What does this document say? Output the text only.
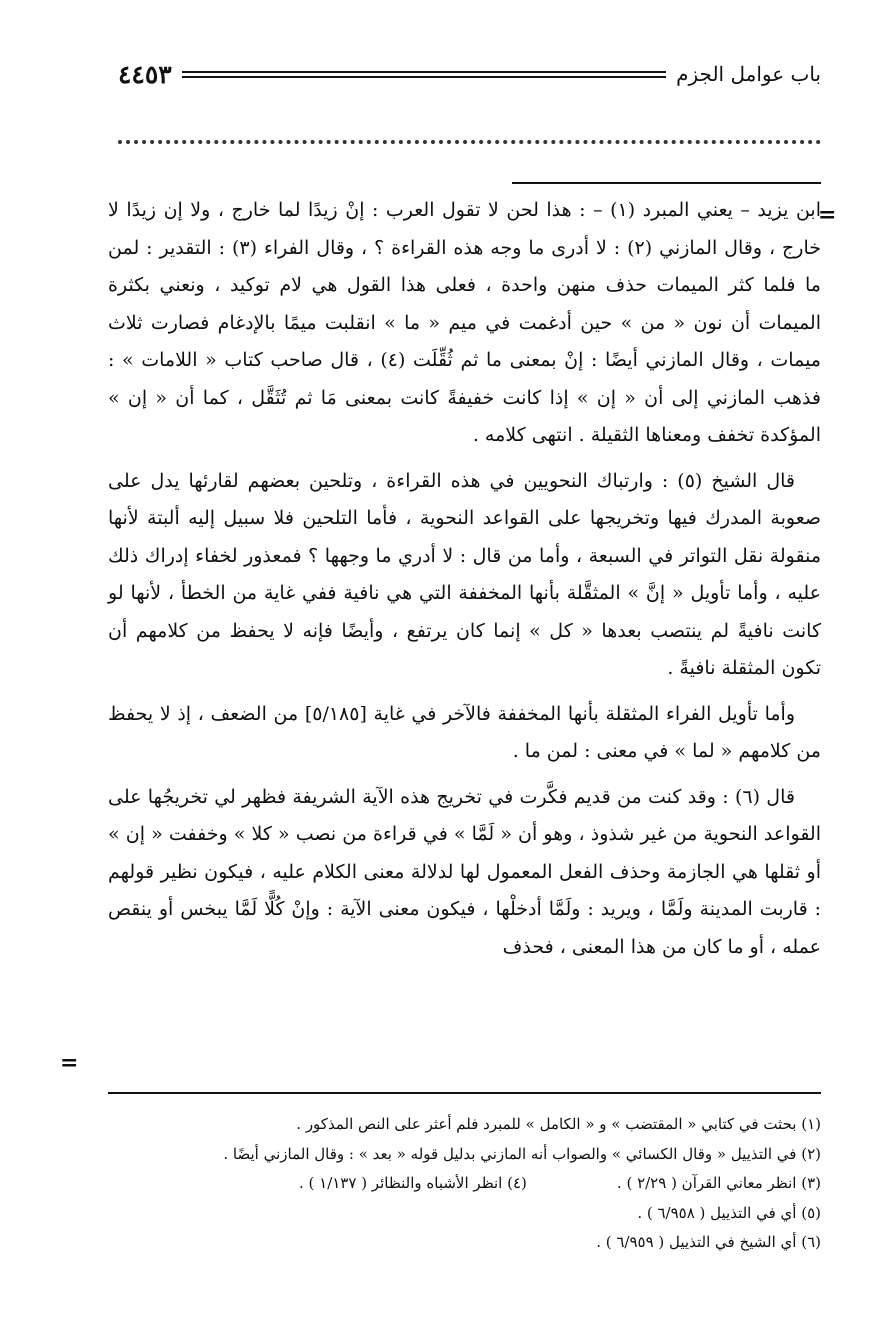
٤٤٥٣	باب عوامل الجزم
=

ابن يزيد – يعني المبرد (١) – : هذا لحن لا تقول العرب : إنْ زيدًا لما خارج ، ولا إن زيدًا لا خارج ، وقال المازني (٢) : لا أدرى ما وجه هذه القراءة ؟ ، وقال الفراء (٣) : التقدير : لمن ما فلما كثر الميمات حذف منهن واحدة ، فعلى هذا القول هي لام توكيد ، ونعني بكثرة الميمات أن نون « من » حين أدغمت في ميم « ما » انقلبت ميمًا بالإدغام فصارت ثلاث ميمات ، وقال المازني أيضًا : إنْ بمعنى ما ثم ثُقِّلَت (٤) ، قال صاحب كتاب « اللامات » : فذهب المازني إلى أن « إن » إذا كانت خفيفةً كانت بمعنى مَا ثم تُثَقَّل ، كما أن « إن » المؤكدة تخفف ومعناها الثقيلة . انتهى كلامه .

قال الشيخ (٥) : وارتباك النحويين في هذه القراءة ، وتلحين بعضهم لقارئها يدل على صعوبة المدرك فيها وتخريجها على القواعد النحوية ، فأما التلحين فلا سبيل إليه ألبتة لأنها منقولة نقل التواتر في السبعة ، وأما من قال : لا أدري ما وجهها ؟ فمعذور لخفاء إدراك ذلك عليه ، وأما تأويل « إنَّ » المثقَّلة بأنها المخففة التي هي نافية ففي غاية من الخطأ ، لأنها لو كانت نافيةً لم ينتصب بعدها « كل » إنما كان يرتفع ، وأيضًا فإنه لا يحفظ من كلامهم أن تكون المثقلة نافيةً .

وأما تأويل الفراء المثقلة بأنها المخففة فالآخر في غاية [٥/١٨٥] من الضعف ، إذ لا يحفظ من كلامهم « لما » في معنى : لمن ما .

قال (٦) : وقد كنت من قديم فكَّرت في تخريج هذه الآية الشريفة فظهر لي تخريجُها على القواعد النحوية من غير شذوذ ، وهو أن « لَمَّا » في قراءة من نصب « كلا » وخففت « إن » أو ثقلها هي الجازمة وحذف الفعل المعمول لها لدلالة معنى الكلام عليه ، فيكون نظير قولهم : قاربت المدينة ولَمَّا ، ويريد : ولَمَّا أدخلْها ، فيكون معنى الآية : وإنْ كُلًّا لَمَّا يبخس أو ينقص عمله ، أو ما كان من هذا المعنى ، فحذف

=
(١) بحثت في كتابي « المقتضب » و « الكامل » للمبرد فلم أعثر على النص المذكور .
(٢) في التذييل « وقال الكسائي » والصواب أنه المازني بدليل قوله « بعد » : وقال المازني أيضًا .
(٣) انظر معاني القرآن ( ٢/٢٩ ) .
(٤) انظر الأشباه والنظائر ( ١/١٣٧ ) .
(٥) أي في التذييل ( ٦/٩٥٨ ) .
(٦) أي الشيخ في التذييل ( ٦/٩٥٩ ) .
